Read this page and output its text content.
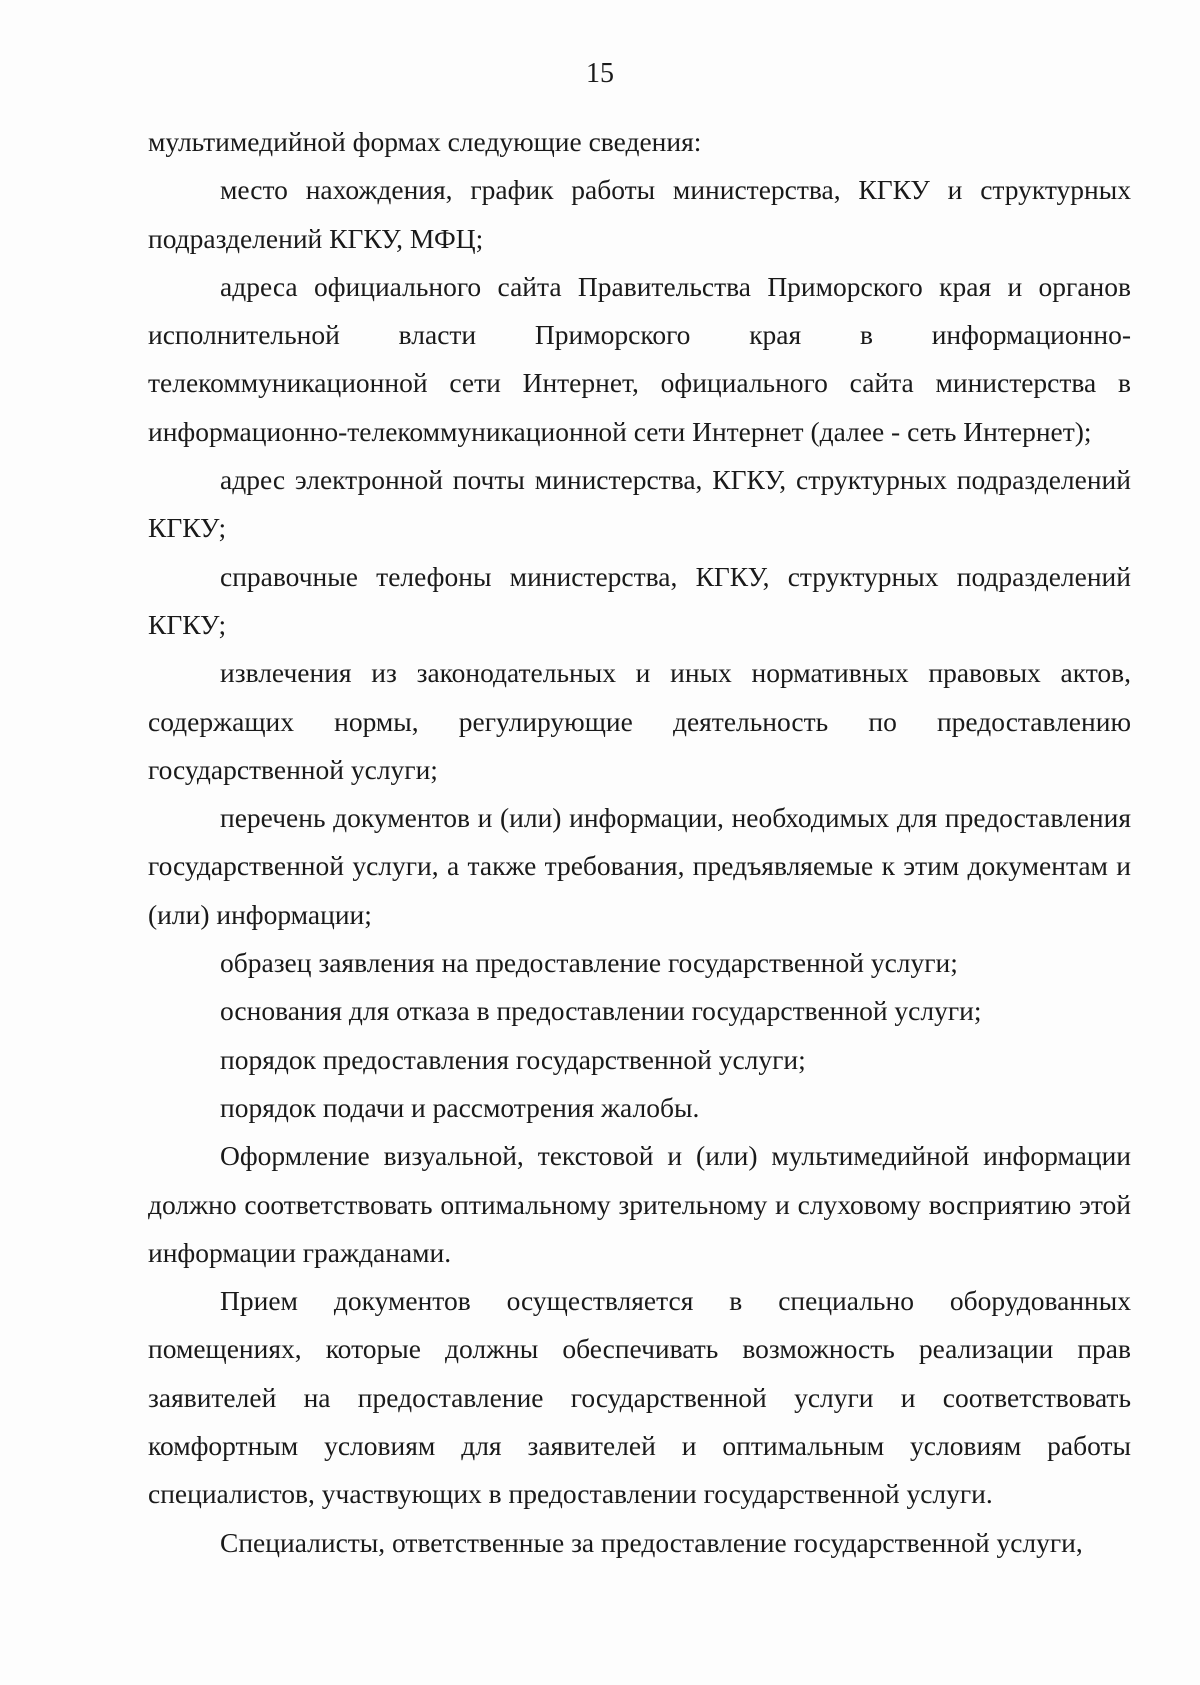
15

мультимедийной формах следующие сведения:

место нахождения, график работы министерства, КГКУ и структурных подразделений КГКУ, МФЦ;

адреса официального сайта Правительства Приморского края и органов исполнительной власти Приморского края в информационно-телекоммуникационной сети Интернет, официального сайта министерства в информационно-телекоммуникационной сети Интернет (далее - сеть Интернет);

адрес электронной почты министерства, КГКУ, структурных подразделений КГКУ;

справочные телефоны министерства, КГКУ, структурных подразделений КГКУ;

извлечения из законодательных и иных нормативных правовых актов, содержащих нормы, регулирующие деятельность по предоставлению государственной услуги;

перечень документов и (или) информации, необходимых для предоставления государственной услуги, а также требования, предъявляемые к этим документам и (или) информации;

образец заявления на предоставление государственной услуги;

основания для отказа в предоставлении государственной услуги;

порядок предоставления государственной услуги;

порядок подачи и рассмотрения жалобы.

Оформление визуальной, текстовой и (или) мультимедийной информации должно соответствовать оптимальному зрительному и слуховому восприятию этой информации гражданами.

Прием документов осуществляется в специально оборудованных помещениях, которые должны обеспечивать возможность реализации прав заявителей на предоставление государственной услуги и соответствовать комфортным условиям для заявителей и оптимальным условиям работы специалистов, участвующих в предоставлении государственной услуги.

Специалисты, ответственные за предоставление государственной услуги,
